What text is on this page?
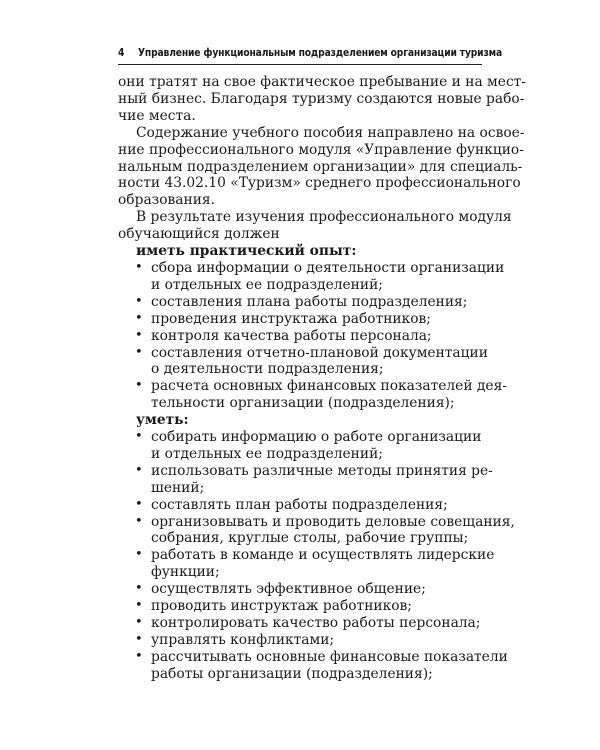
4 Управление функциональным подразделением организации туризма

они тратят на свое фактическое пребывание и на мест-
ный бизнес. Благодаря туризму создаются новые рабо-
чие места.

Содержание учебного пособия направлено на освое-
ние профессионального модуля «Управление функцио-
нальным подразделением организации» для специаль-
ности 43.02.10 «Туризм» среднего профессионального
образования.

В результате изучения профессионального модуля
обучающийся должен

иметь практический опыт:
• сбора информации о деятельности организации
и отдельных ее подразделений;
• составления плана работы подразделения;
• проведения инструктажа работников;
• контроля качества работы персонала;
• составления отчетно-плановой документации
о деятельности подразделения;
• расчета основных финансовых показателей дея-
тельности организации (подразделения);
уметь:
• собирать информацию о работе организации
и отдельных ее подразделений;
• использовать различные методы принятия ре-
шений;
• составлять план работы подразделения;
• организовывать и проводить деловые совещания,
собрания, круглые столы, рабочие группы;
• работать в команде и осуществлять лидерские
функции;
• осуществлять эффективное общение;
• проводить инструктаж работников;
• контролировать качество работы персонала;
• управлять конфликтами;
• рассчитывать основные финансовые показатели
работы организации (подразделения);
